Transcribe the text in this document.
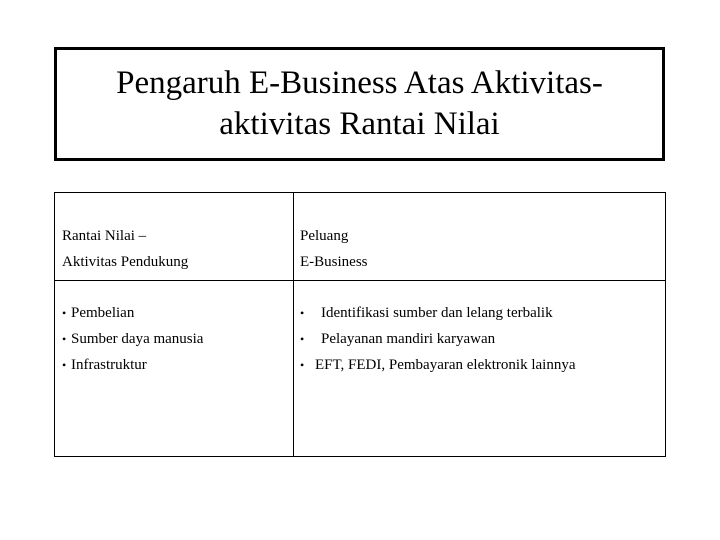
Pengaruh E-Business Atas Aktivitas-
aktivitas Rantai Nilai

Rantai Nilai –
Aktivitas Pendukung
Peluang
E-Business
• Pembelian
• Sumber daya manusia
• Infrastruktur
•	Identifikasi sumber dan lelang terbalik
•	Pelayanan mandiri karyawan
• EFT, FEDI, Pembayaran elektronik lainnya
